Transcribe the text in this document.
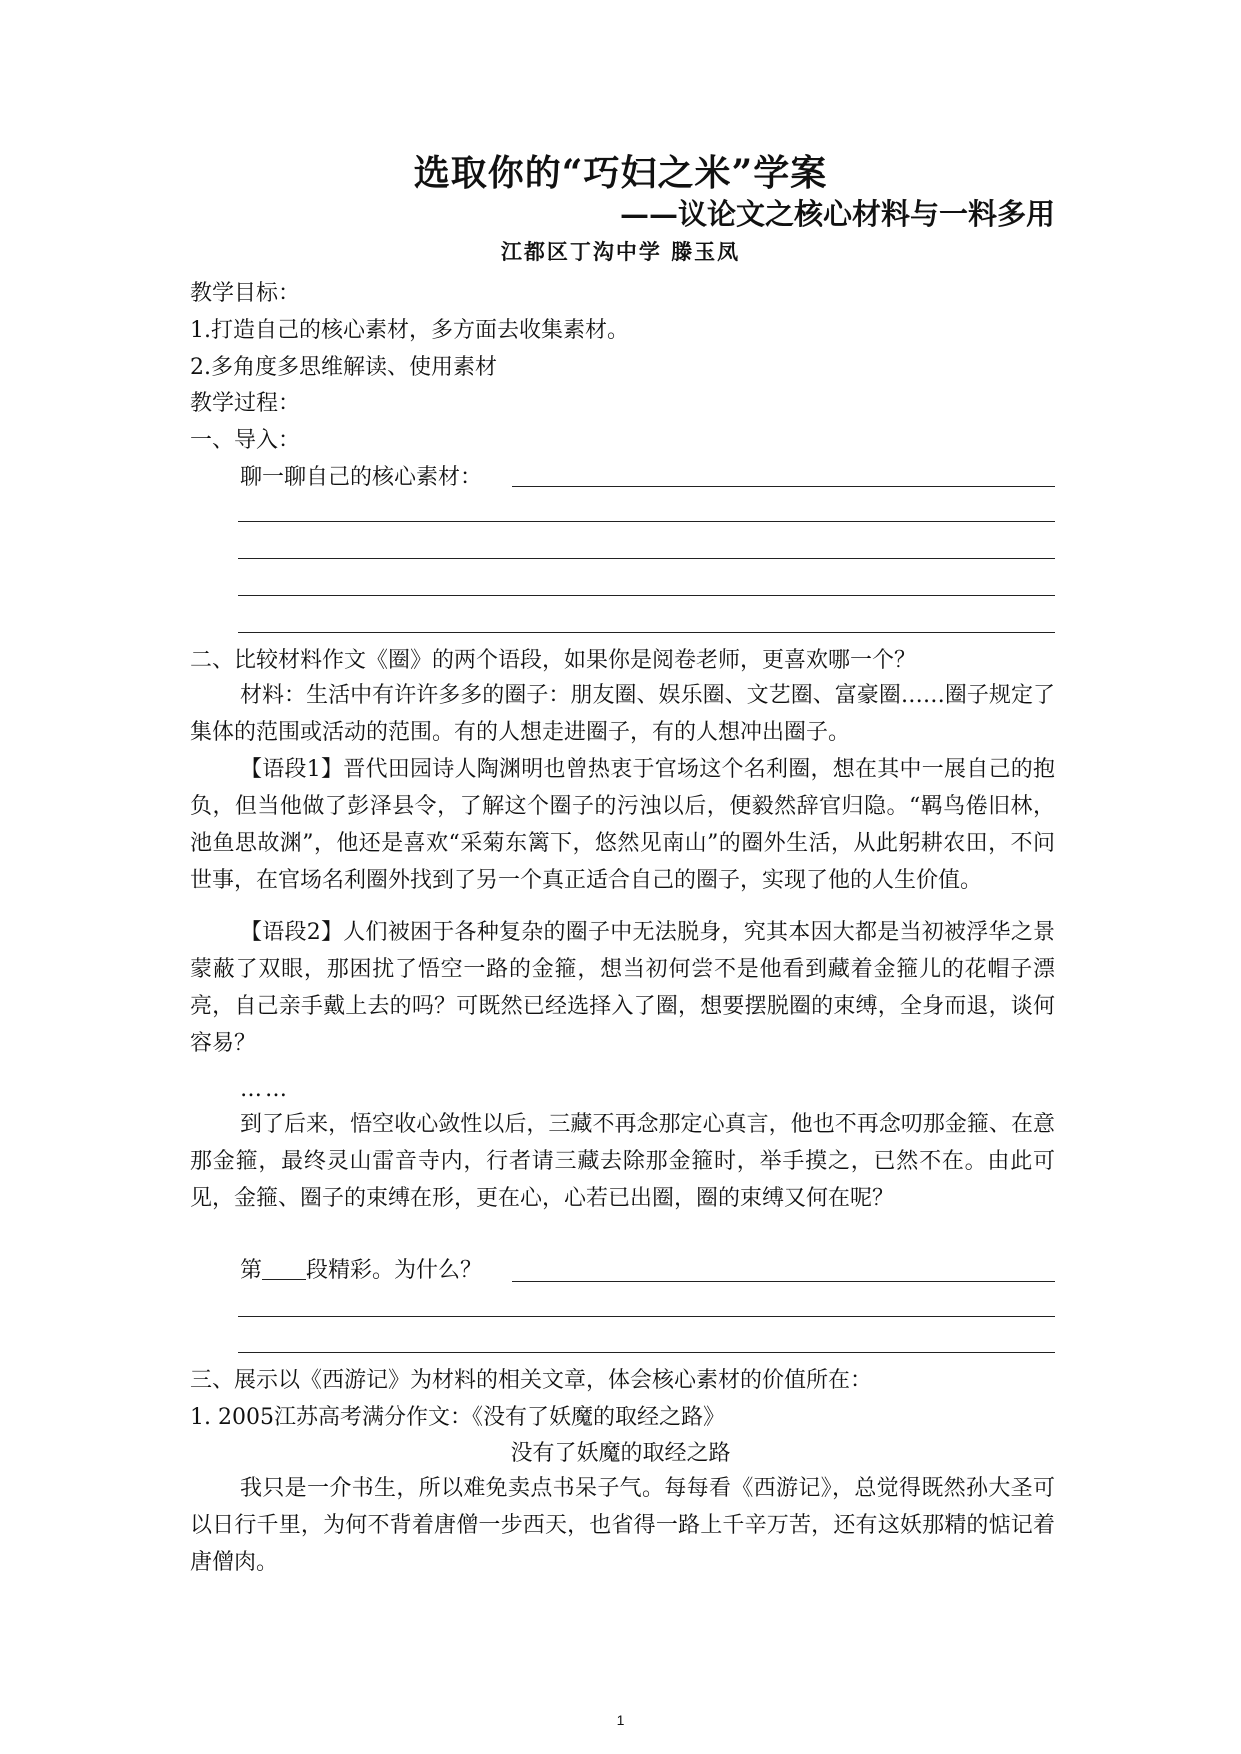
选取你的“巧妇之米”学案
——议论文之核心材料与一料多用
江都区丁沟中学 滕玉凤
教学目标：
1.打造自己的核心素材，多方面去收集素材。
2.多角度多思维解读、使用素材
教学过程：
一、导入：
聊一聊自己的核心素材：
二、比较材料作文《圈》的两个语段，如果你是阅卷老师，更喜欢哪一个？
材料：生活中有许许多多的圈子：朋友圈、娱乐圈、文艺圈、富豪圈……圈子规定了集体的范围或活动的范围。有的人想走进圈子，有的人想冲出圈子。
【语段1】晋代田园诗人陶渊明也曾热衷于官场这个名利圈，想在其中一展自己的抱负，但当他做了彭泽县令，了解这个圈子的污浊以后，便毅然辞官归隐。“羁鸟倦旧林，池鱼思故渊”，他还是喜欢“采菊东篱下，悠然见南山”的圈外生活，从此躬耕农田，不问世事，在官场名利圈外找到了另一个真正适合自己的圈子，实现了他的人生价值。
【语段2】人们被困于各种复杂的圈子中无法脱身，究其本因大都是当初被浮华之景蒙蔽了双眼，那困扰了悟空一路的金箍，想当初何尝不是他看到藏着金箍儿的花帽子漂亮，自己亲手戴上去的吗？可既然已经选择入了圈，想要摆脱圈的束缚，全身而退，谈何容易？
……
到了后来，悟空收心敛性以后，三藏不再念那定心真言，他也不再念叨那金箍、在意那金箍，最终灵山雷音寺内，行者请三藏去除那金箍时，举手摸之，已然不在。由此可见，金箍、圈子的束缚在形，更在心，心若已出圈，圈的束缚又何在呢？
第 段精彩。为什么？
三、展示以《西游记》为材料的相关文章，体会核心素材的价值所在：
1. 2005江苏高考满分作文：《没有了妖魔的取经之路》
没有了妖魔的取经之路
我只是一介书生，所以难免卖点书呆子气。每每看《西游记》，总觉得既然孙大圣可以日行千里，为何不背着唐僧一步西天，也省得一路上千辛万苦，还有这妖那精的惦记着唐僧肉。
1
